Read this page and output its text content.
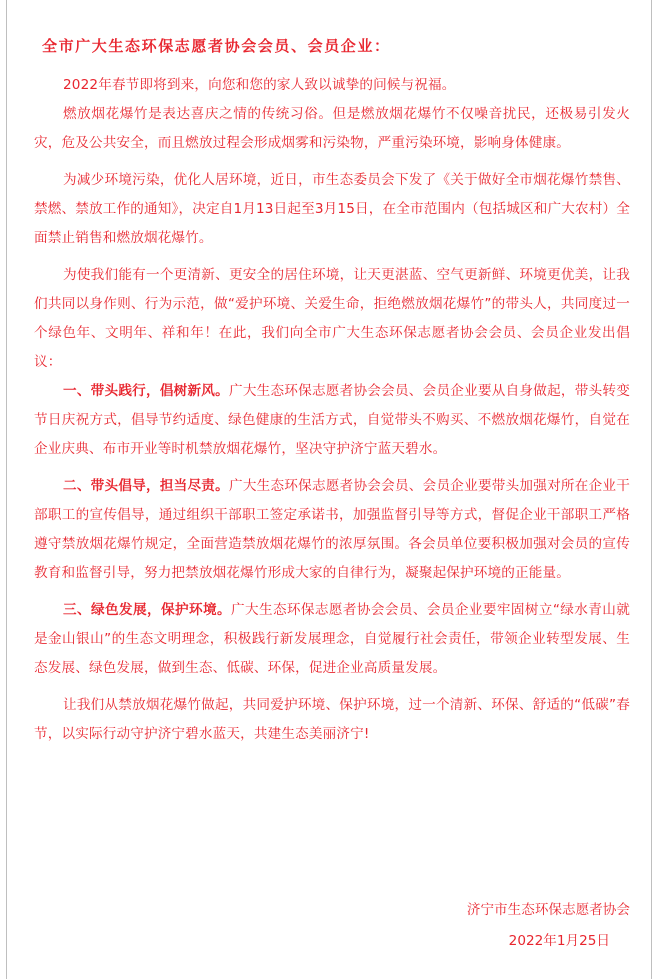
全市广大生态环保志愿者协会会员、会员企业：

2022年春节即将到来，向您和您的家人致以诚挚的问候与祝福。

燃放烟花爆竹是表达喜庆之情的传统习俗。但是燃放烟花爆竹不仅噪音扰民，还极易引发火灾，危及公共安全，而且燃放过程会形成烟雾和污染物，严重污染环境，影响身体健康。

为减少环境污染，优化人居环境，近日，市生态委员会下发了《关于做好全市烟花爆竹禁售、禁燃、禁放工作的通知》，决定自1月13日起至3月15日，在全市范围内（包括城区和广大农村）全面禁止销售和燃放烟花爆竹。

为使我们能有一个更清新、更安全的居住环境，让天更湛蓝、空气更新鲜、环境更优美，让我们共同以身作则、行为示范，做“爱护环境、关爱生命，拒绝燃放烟花爆竹”的带头人，共同度过一个绿色年、文明年、祥和年！在此，我们向全市广大生态环保志愿者协会会员、会员企业发出倡议：

一、带头践行，倡树新风。广大生态环保志愿者协会会员、会员企业要从自身做起，带头转变节日庆祝方式，倡导节约适度、绿色健康的生活方式，自觉带头不购买、不燃放烟花爆竹，自觉在企业庆典、布市开业等时机禁放烟花爆竹，坚决守护济宁蓝天碧水。

二、带头倡导，担当尽责。广大生态环保志愿者协会会员、会员企业要带头加强对所在企业干部职工的宣传倡导，通过组织干部职工签定承诺书，加强监督引导等方式，督促企业干部职工严格遵守禁放烟花爆竹规定，全面营造禁放烟花爆竹的浓厚氛围。各会员单位要积极加强对会员的宣传教育和监督引导，努力把禁放烟花爆竹形成大家的自律行为，凝聚起保护环境的正能量。

三、绿色发展，保护环境。广大生态环保志愿者协会会员、会员企业要牢固树立“绿水青山就是金山银山”的生态文明理念，积极践行新发展理念，自觉履行社会责任，带领企业转型发展、生态发展、绿色发展，做到生态、低碳、环保，促进企业高质量发展。

让我们从禁放烟花爆竹做起，共同爱护环境、保护环境，过一个清新、环保、舒适的“低碳”春节，以实际行动守护济宁碧水蓝天，共建生态美丽济宁!

济宁市生态环保志愿者协会
2022年1月25日
